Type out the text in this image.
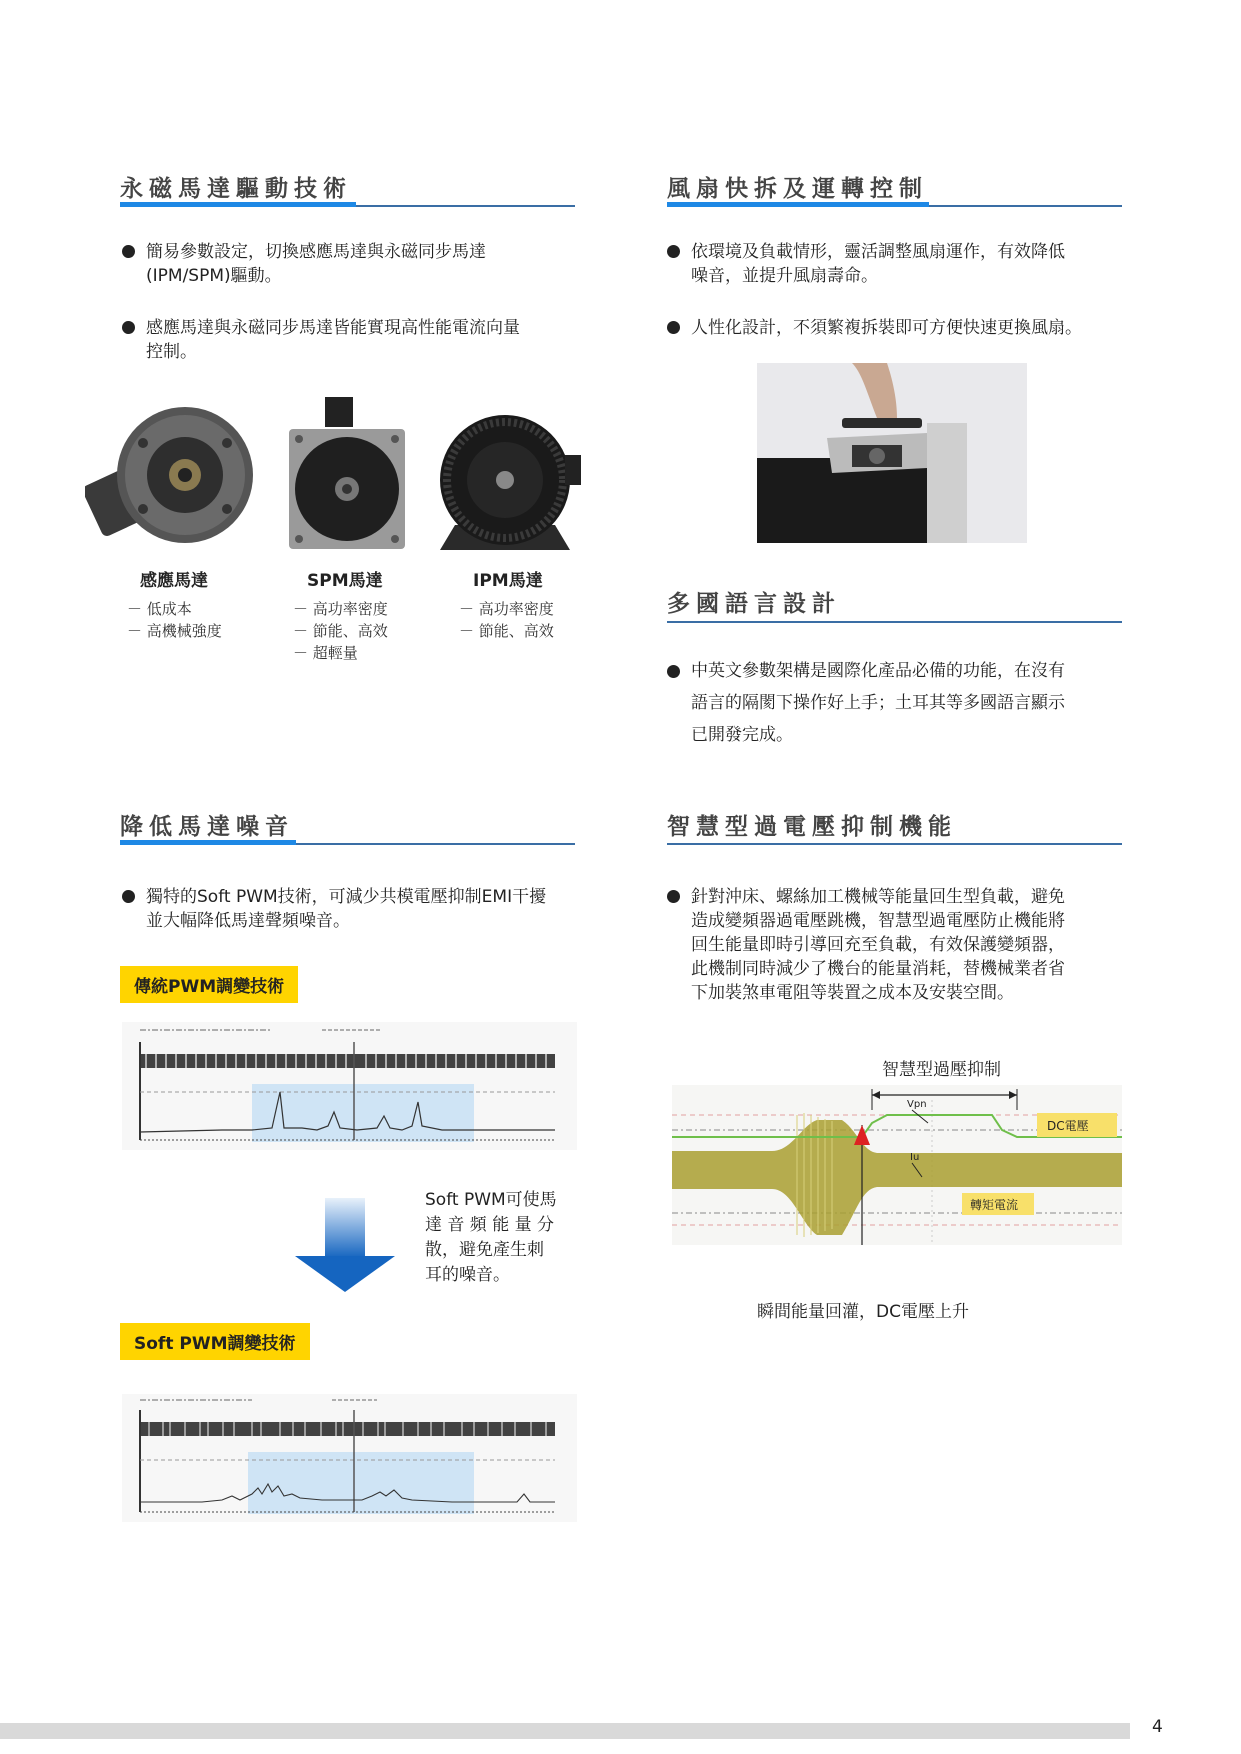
永磁馬達驅動技術
簡易參數設定，切換感應馬達與永磁同步馬達
(IPM/SPM)驅動。
感應馬達與永磁同步馬達皆能實現高性能電流向量
控制。
感應馬達
－ 低成本
－ 高機械強度
SPM馬達
－ 高功率密度
－ 節能、高效
－ 超輕量
IPM馬達
－ 高功率密度
－ 節能、高效
風扇快拆及運轉控制
依環境及負載情形，靈活調整風扇運作，有效降低
噪音，並提升風扇壽命。
人性化設計，不須繁複拆裝即可方便快速更換風扇。
多國語言設計
中英文參數架構是國際化產品必備的功能，在沒有
語言的隔閡下操作好上手；土耳其等多國語言顯示
已開發完成。
降低馬達噪音
獨特的Soft PWM技術，可減少共模電壓抑制EMI干擾
並大幅降低馬達聲頻噪音。
傳統PWM調變技術
Soft PWM可使馬
達 音 頻 能 量 分
散，避免產生刺
耳的噪音。
Soft PWM調變技術
智慧型過電壓抑制機能
針對沖床、螺絲加工機械等能量回生型負載，避免
造成變頻器過電壓跳機，智慧型過電壓防止機能將
回生能量即時引導回充至負載，有效保護變頻器，
此機制同時減少了機台的能量消耗，替機械業者省
下加裝煞車電阻等裝置之成本及安裝空間。
智慧型過壓抑制
Vpn
Iu
DC電壓
轉矩電流
瞬間能量回灌，DC電壓上升
4
